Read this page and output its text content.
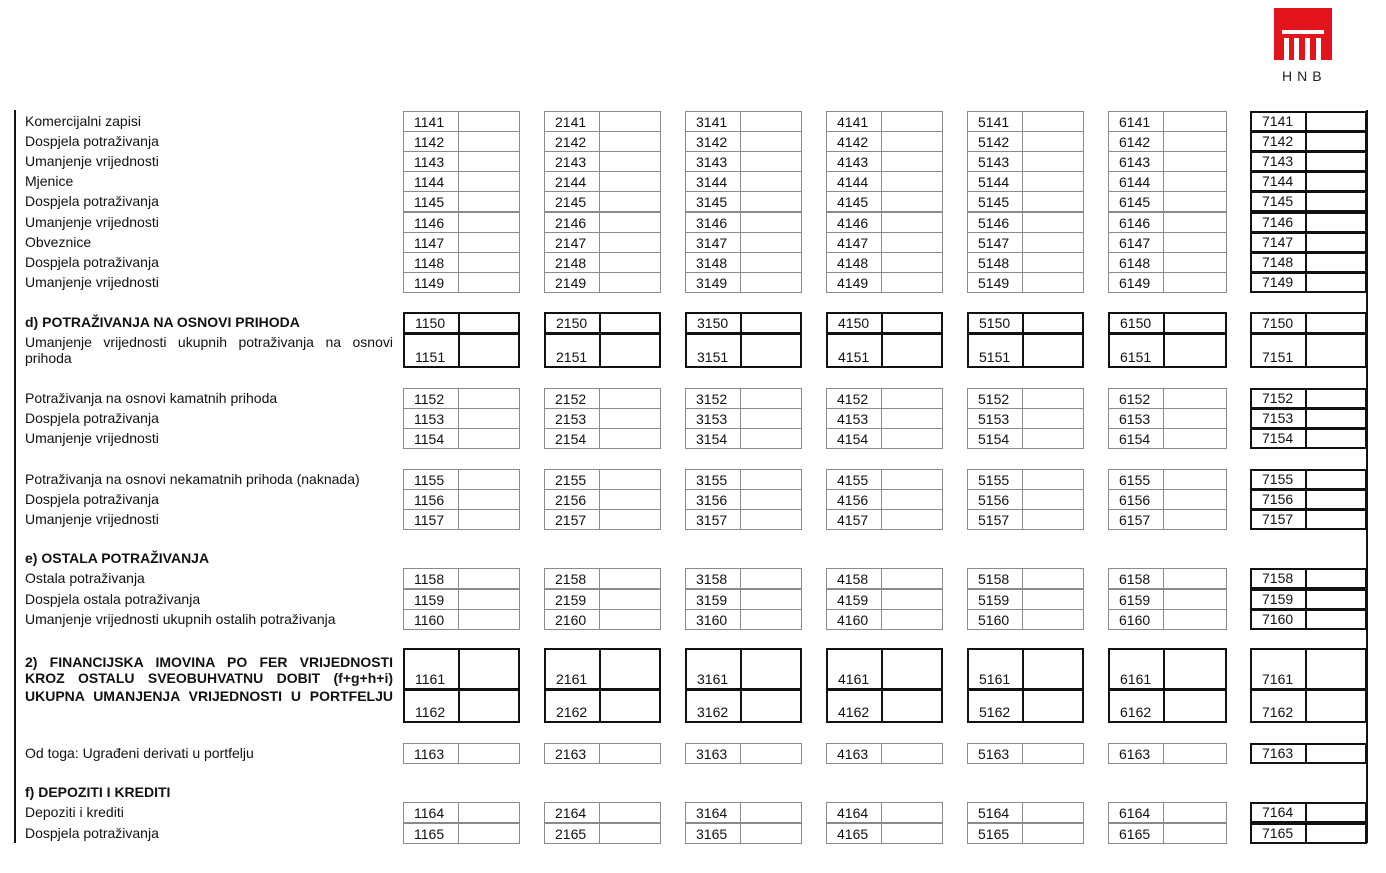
HNB
Komercijalni zapisi	1141	2141	3141	4141	5141	6141	7141
Dospjela potraživanja	1142	2142	3142	4142	5142	6142	7142
Umanjenje vrijednosti	1143	2143	3143	4143	5143	6143	7143
Mjenice	1144	2144	3144	4144	5144	6144	7144
Dospjela potraživanja	1145	2145	3145	4145	5145	6145	7145
Umanjenje vrijednosti	1146	2146	3146	4146	5146	6146	7146
Obveznice	1147	2147	3147	4147	5147	6147	7147
Dospjela potraživanja	1148	2148	3148	4148	5148	6148	7148
Umanjenje vrijednosti	1149	2149	3149	4149	5149	6149	7149
d) POTRAŽIVANJA NA OSNOVI PRIHODA	1150	2150	3150	4150	5150	6150	7150
Umanjenje vrijednosti ukupnih potraživanja na osnovi prihoda	1151	2151	3151	4151	5151	6151	7151
Potraživanja na osnovi kamatnih prihoda	1152	2152	3152	4152	5152	6152	7152
Dospjela potraživanja	1153	2153	3153	4153	5153	6153	7153
Umanjenje vrijednosti	1154	2154	3154	4154	5154	6154	7154
Potraživanja na osnovi nekamatnih prihoda (naknada)	1155	2155	3155	4155	5155	6155	7155
Dospjela potraživanja	1156	2156	3156	4156	5156	6156	7156
Umanjenje vrijednosti	1157	2157	3157	4157	5157	6157	7157
e) OSTALA POTRAŽIVANJA
Ostala potraživanja	1158	2158	3158	4158	5158	6158	7158
Dospjela ostala potraživanja	1159	2159	3159	4159	5159	6159	7159
Umanjenje vrijednosti ukupnih ostalih potraživanja	1160	2160	3160	4160	5160	6160	7160
2) FINANCIJSKA IMOVINA PO FER VRIJEDNOSTI KROZ OSTALU SVEOBUHVATNU DOBIT (f+g+h+i)	1161	2161	3161	4161	5161	6161	7161
UKUPNA UMANJENJA VRIJEDNOSTI U PORTFELJU
1162	2162	3162	4162	5162	6162	7162
Od toga: Ugrađeni derivati u portfelju	1163	2163	3163	4163	5163	6163	7163
f) DEPOZITI I KREDITI
Depoziti i krediti	1164	2164	3164	4164	5164	6164	7164
Dospjela potraživanja	1165	2165	3165	4165	5165	6165	7165
